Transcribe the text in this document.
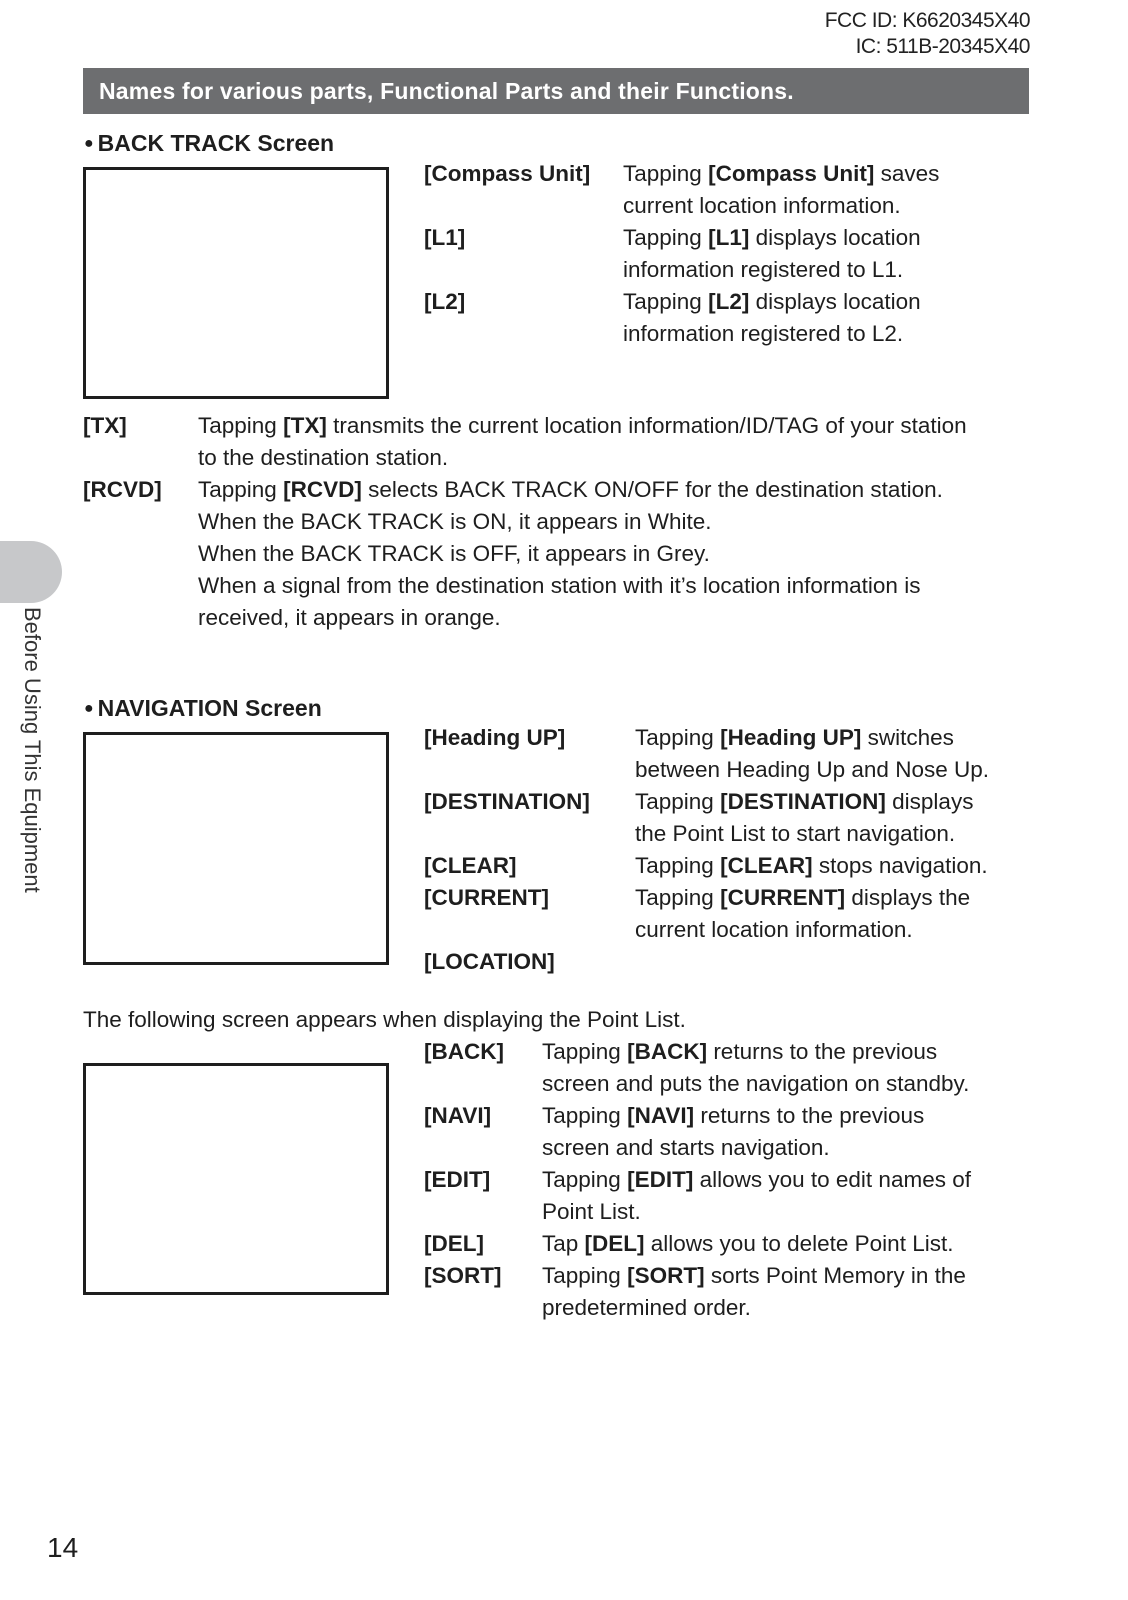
FCC ID: K6620345X40
IC: 511B-20345X40
Names for various parts, Functional Parts and their Functions.
Before Using This Equipment
● BACK TRACK Screen
[Compass Unit] Tapping [Compass Unit] saves
current location information.
[L1]	Tapping [L1] displays location
information registered to L1.
[L2]	Tapping [L2] displays location
information registered to L2.
[TX]	Tapping [TX] transmits the current location information/ID/TAG of your station
to the destination station.
[RCVD] Tapping [RCVD] selects BACK TRACK ON/OFF for the destination station.
When the BACK TRACK is ON, it appears in White.
When the BACK TRACK is OFF, it appears in Grey.
When a signal from the destination station with it’s location information is
received, it appears in orange.
● NAVIGATION Screen
[Heading UP]	Tapping [Heading UP] switches
between Heading Up and Nose Up.
[DESTINATION] Tapping [DESTINATION] displays
the Point List to start navigation.
[CLEAR]	Tapping [CLEAR] stops navigation.
[CURRENT]	Tapping [CURRENT] displays the
current location information.
[LOCATION]
The following screen appears when displaying the Point List.
[BACK] Tapping [BACK] returns to the previous
screen and puts the navigation on standby.
[NAVI] Tapping [NAVI] returns to the previous
screen and starts navigation.
[EDIT] Tapping [EDIT] allows you to edit names of
Point List.
[DEL]	Tap [DEL] allows you to delete Point List.
[SORT] Tapping [SORT] sorts Point Memory in the
predetermined order.
14
